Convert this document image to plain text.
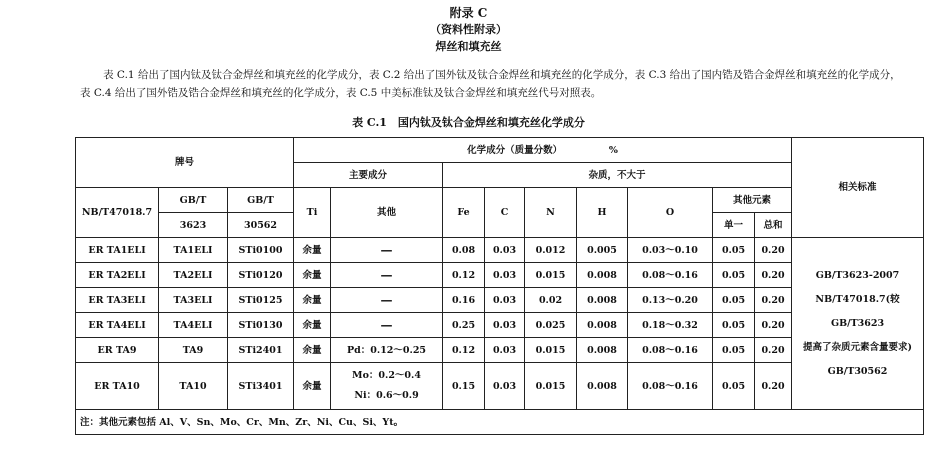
附录 C
（资料性附录）
焊丝和填充丝
表 C.1 给出了国内钛及钛合金焊丝和填充丝的化学成分，表 C.2 给出了国外钛及钛合金焊丝和填充丝的化学成分，表 C.3 给出了国内锆及锆合金焊丝和填充丝的化学成分，表 C.4 给出了国外锆及锆合金焊丝和填充丝的化学成分，表 C.5 中美标准钛及钛合金焊丝和填充丝代号对照表。
表 C.1　国内钛及钛合金焊丝和填充丝化学成分
牌号			化学成分（质量分数） %									相关标准
			主要成分		杂质，不大于							
NB/T47018.7	GB/T	GB/T	Ti	其他	Fe	C	N	H	O	其他元素		
	3623	30562								单一	总和	
ER TA1ELI	TA1ELI	STi0100	余量	—	0.08	0.03	0.012	0.005	0.03～0.10	0.05	0.20	GB/T3623-2007
NB/T47018.7(较 GB/T3623
提高了杂质元素含量要求)
GB/T30562

ER TA2ELI	TA2ELI	STi0120	余量	—	0.12	0.03	0.015	0.008	0.08～0.16	0.05	0.20	
ER TA3ELI	TA3ELI	STi0125	余量	—	0.16	0.03	0.02	0.008	0.13～0.20	0.05	0.20	
ER TA4ELI	TA4ELI	STi0130	余量	—	0.25	0.03	0.025	0.008	0.18～0.32	0.05	0.20	
ER TA9	TA9	STi2401	余量	Pd：0.12～0.25	0.12	0.03	0.015	0.008	0.08～0.16	0.05	0.20	
ER TA10	TA10	STi3401	余量	Mo：0.2～0.4
Ni：0.6～0.9	0.15	0.03	0.015	0.008	0.08～0.16	0.05	0.20	
注：其他元素包括 Al、V、Sn、Mo、Cr、Mn、Zr、Ni、Cu、Si、Yt。												
